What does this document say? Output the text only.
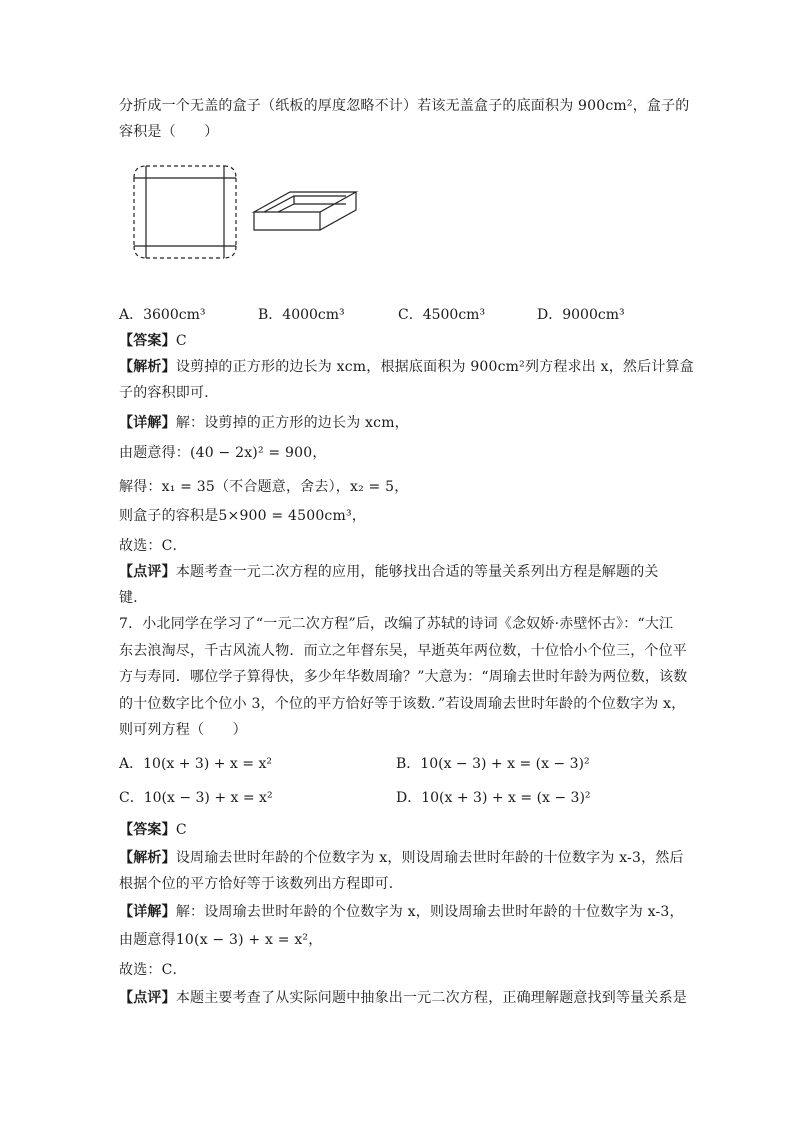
分折成一个无盖的盒子（纸板的厚度忽略不计）若该无盖盒子的底面积为 900cm²，盒子的
容积是（　　）
A．3600cm³	B．4000cm³	C．4500cm³	D．9000cm³
【答案】C
【解析】设剪掉的正方形的边长为 xcm，根据底面积为 900cm²列方程求出 x，然后计算盒
子的容积即可．
【详解】解：设剪掉的正方形的边长为 xcm，
由题意得：(40 − 2x)² = 900，
解得：x₁ = 35（不合题意，舍去），x₂ = 5，
则盒子的容积是5×900 = 4500cm³，
故选：C．
【点评】本题考查一元二次方程的应用，能够找出合适的等量关系列出方程是解题的关
键．
7．小北同学在学习了“一元二次方程”后，改编了苏轼的诗词《念奴娇·赤壁怀古》：“大江
东去浪淘尽，千古风流人物．而立之年督东吴，早逝英年两位数，十位恰小个位三，个位平
方与寿同．哪位学子算得快，多少年华数周瑜？”大意为：“周瑜去世时年龄为两位数，该数
的十位数字比个位小 3，个位的平方恰好等于该数．”若设周瑜去世时年龄的个位数字为 x，
则可列方程（　　）
A．10(x + 3) + x = x²	B．10(x − 3) + x = (x − 3)²
C．10(x − 3) + x = x²	D．10(x + 3) + x = (x − 3)²
【答案】C
【解析】设周瑜去世时年龄的个位数字为 x，则设周瑜去世时年龄的十位数字为 x-3，然后
根据个位的平方恰好等于该数列出方程即可．
【详解】解：设周瑜去世时年龄的个位数字为 x，则设周瑜去世时年龄的十位数字为 x-3，
由题意得10(x − 3) + x = x²，
故选：C．
【点评】本题主要考查了从实际问题中抽象出一元二次方程，正确理解题意找到等量关系是
